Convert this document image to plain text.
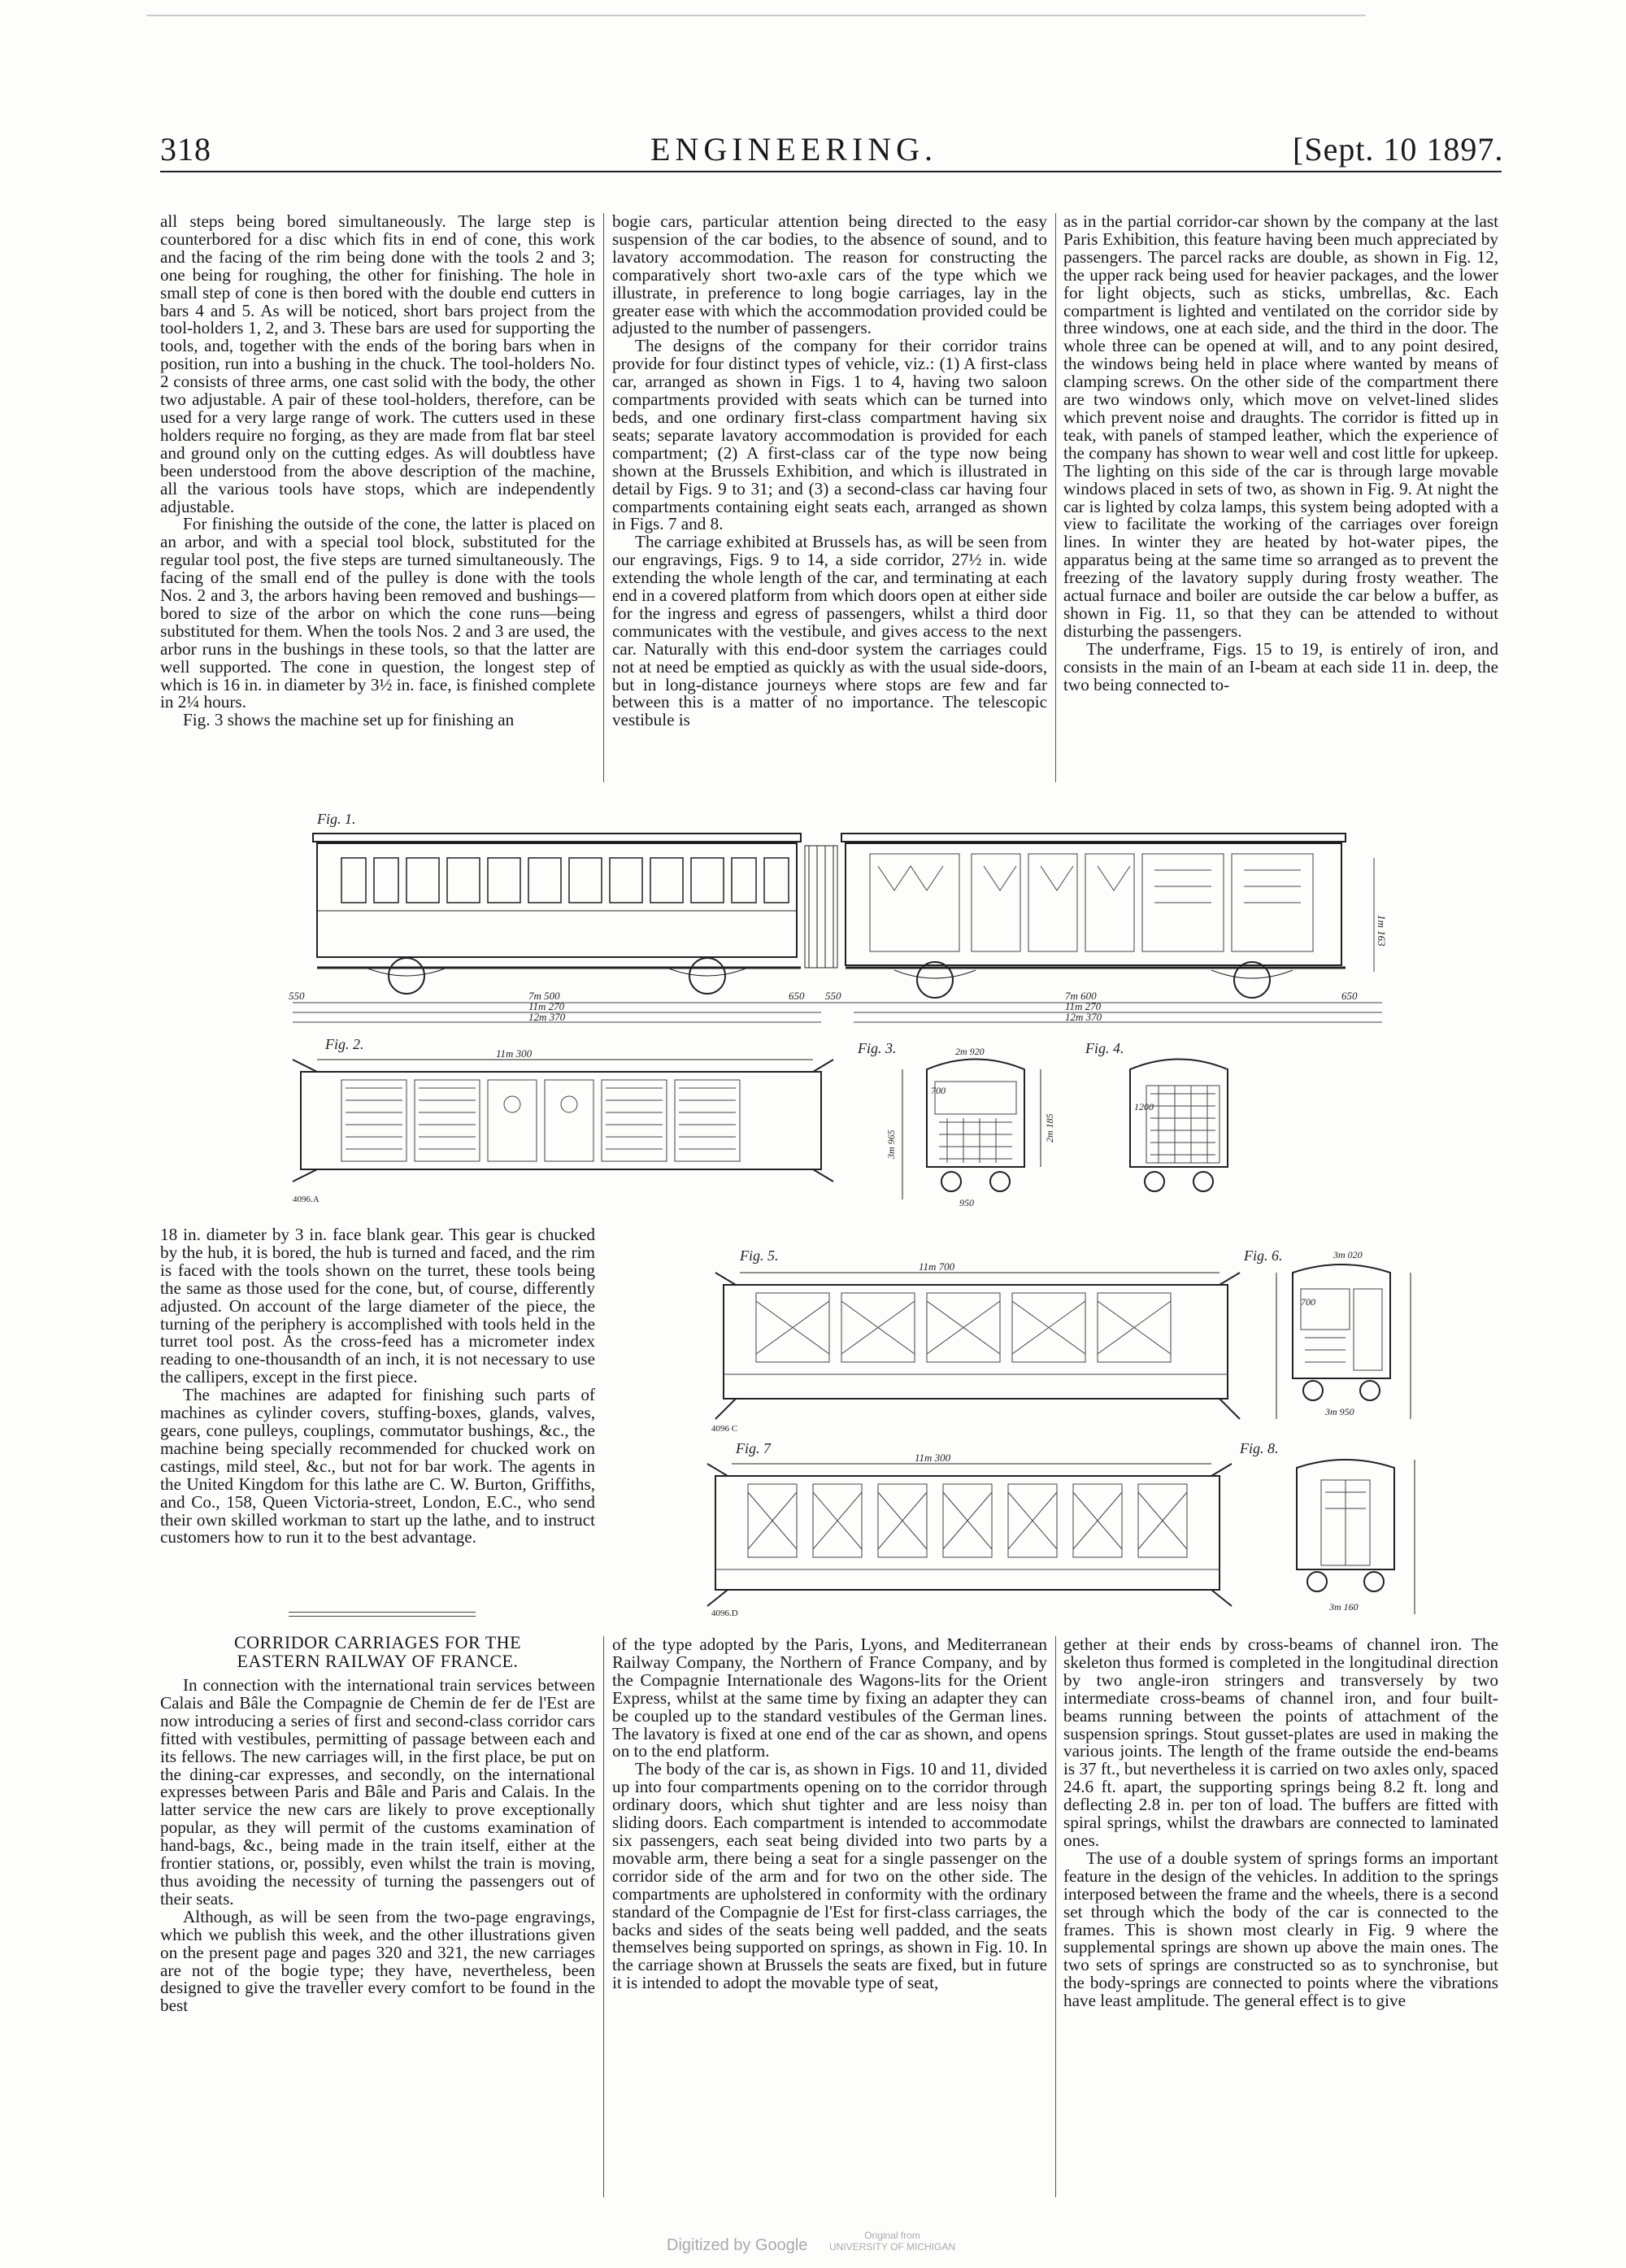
318	ENGINEERING.	[Sept. 10 1897.

all steps being bored simultaneously. The large step is counterbored for a disc which fits in end of cone, this work and the facing of the rim being done with the tools 2 and 3; one being for roughing, the other for finishing. The hole in small step of cone is then bored with the double end cutters in bars 4 and 5. As will be noticed, short bars project from the tool-holders 1, 2, and 3. These bars are used for supporting the tools, and, together with the ends of the boring bars when in position, run into a bushing in the chuck. The tool-holders No. 2 consists of three arms, one cast solid with the body, the other two adjustable. A pair of these tool-holders, therefore, can be used for a very large range of work. The cutters used in these holders require no forging, as they are made from flat bar steel and ground only on the cutting edges. As will doubtless have been understood from the above description of the machine, all the various tools have stops, which are independently adjustable.

For finishing the outside of the cone, the latter is placed on an arbor, and with a special tool block, substituted for the regular tool post, the five steps are turned simultaneously. The facing of the small end of the pulley is done with the tools Nos. 2 and 3, the arbors having been removed and bushings—bored to size of the arbor on which the cone runs—being substituted for them. When the tools Nos. 2 and 3 are used, the arbor runs in the bushings in these tools, so that the latter are well supported. The cone in question, the longest step of which is 16 in. in diameter by 3½ in. face, is finished complete in 2¼ hours.

Fig. 3 shows the machine set up for finishing an

bogie cars, particular attention being directed to the easy suspension of the car bodies, to the absence of sound, and to lavatory accommodation. The reason for constructing the comparatively short two-axle cars of the type which we illustrate, in preference to long bogie carriages, lay in the greater ease with which the accommodation provided could be adjusted to the number of passengers.

The designs of the company for their corridor trains provide for four distinct types of vehicle, viz.: (1) A first-class car, arranged as shown in Figs. 1 to 4, having two saloon compartments provided with seats which can be turned into beds, and one ordinary first-class compartment having six seats; separate lavatory accommodation is provided for each compartment; (2) A first-class car of the type now being shown at the Brussels Exhibition, and which is illustrated in detail by Figs. 9 to 31; and (3) a second-class car having four compartments containing eight seats each, arranged as shown in Figs. 7 and 8.

The carriage exhibited at Brussels has, as will be seen from our engravings, Figs. 9 to 14, a side corridor, 27½ in. wide extending the whole length of the car, and terminating at each end in a covered platform from which doors open at either side for the ingress and egress of passengers, whilst a third door communicates with the vestibule, and gives access to the next car. Naturally with this end-door system the carriages could not at need be emptied as quickly as with the usual side-doors, but in long-distance journeys where stops are few and far between this is a matter of no importance. The telescopic vestibule is

as in the partial corridor-car shown by the company at the last Paris Exhibition, this feature having been much appreciated by passengers. The parcel racks are double, as shown in Fig. 12, the upper rack being used for heavier packages, and the lower for light objects, such as sticks, umbrellas, &c. Each compartment is lighted and ventilated on the corridor side by three windows, one at each side, and the third in the door. The whole three can be opened at will, and to any point desired, the windows being held in place where wanted by means of clamping screws. On the other side of the compartment there are two windows only, which move on velvet-lined slides which prevent noise and draughts. The corridor is fitted up in teak, with panels of stamped leather, which the experience of the company has shown to wear well and cost little for upkeep. The lighting on this side of the car is through large movable windows placed in sets of two, as shown in Fig. 9. At night the car is lighted by colza lamps, this system being adopted with a view to facilitate the working of the carriages over foreign lines. In winter they are heated by hot-water pipes, the apparatus being at the same time so arranged as to prevent the freezing of the lavatory supply during frosty weather. The actual furnace and boiler are outside the car below a buffer, as shown in Fig. 11, so that they can be attended to without disturbing the passengers.

The underframe, Figs. 15 to 19, is entirely of iron, and consists in the main of an I-beam at each side 11 in. deep, the two being connected to-

Fig. 1.
7m 500
11m 270
12m 370
550	650 550	7m 600
11m 270
12m 370
650
1m 163
Fig. 2.
11m 300
4096.A
Fig. 3.	2m 920
3m 965
2m 185
700
950
Fig. 4.
1200

18 in. diameter by 3 in. face blank gear. This gear is chucked by the hub, it is bored, the hub is turned and faced, and the rim is faced with the tools shown on the turret, these tools being the same as those used for the cone, but, of course, differently adjusted. On account of the large diameter of the piece, the turning of the periphery is accomplished with tools held in the turret tool post. As the cross-feed has a micrometer index reading to one-thousandth of an inch, it is not necessary to use the callipers, except in the first piece.

The machines are adapted for finishing such parts of machines as cylinder covers, stuffing-boxes, glands, valves, gears, cone pulleys, couplings, commutator bushings, &c., the machine being specially recommended for chucked work on castings, mild steel, &c., but not for bar work. The agents in the United Kingdom for this lathe are C. W. Burton, Griffiths, and Co., 158, Queen Victoria-street, London, E.C., who send their own skilled workman to start up the lathe, and to instruct customers how to run it to the best advantage.

Fig. 5.
11m 700
4096 C
Fig. 6.	3m 020
700
3m 950
Fig. 7
11m 300
4096.D
Fig. 8.
3m 160
CORRIDOR CARRIAGES FOR THE
EASTERN RAILWAY OF FRANCE.

In connection with the international train services between Calais and Bâle the Compagnie de Chemin de fer de l'Est are now introducing a series of first and second-class corridor cars fitted with vestibules, permitting of passage between each and its fellows. The new carriages will, in the first place, be put on the dining-car expresses, and secondly, on the international expresses between Paris and Bâle and Paris and Calais. In the latter service the new cars are likely to prove exceptionally popular, as they will permit of the customs examination of hand-bags, &c., being made in the train itself, either at the frontier stations, or, possibly, even whilst the train is moving, thus avoiding the necessity of turning the passengers out of their seats.

Although, as will be seen from the two-page engravings, which we publish this week, and the other illustrations given on the present page and pages 320 and 321, the new carriages are not of the bogie type; they have, nevertheless, been designed to give the traveller every comfort to be found in the best

of the type adopted by the Paris, Lyons, and Mediterranean Railway Company, the Northern of France Company, and by the Compagnie Internationale des Wagons-lits for the Orient Express, whilst at the same time by fixing an adapter they can be coupled up to the standard vestibules of the German lines. The lavatory is fixed at one end of the car as shown, and opens on to the end platform.

The body of the car is, as shown in Figs. 10 and 11, divided up into four compartments opening on to the corridor through ordinary doors, which shut tighter and are less noisy than sliding doors. Each compartment is intended to accommodate six passengers, each seat being divided into two parts by a movable arm, there being a seat for a single passenger on the corridor side of the arm and for two on the other side. The compartments are upholstered in conformity with the ordinary standard of the Compagnie de l'Est for first-class carriages, the backs and sides of the seats being well padded, and the seats themselves being supported on springs, as shown in Fig. 10. In the carriage shown at Brussels the seats are fixed, but in future it is intended to adopt the movable type of seat,

gether at their ends by cross-beams of channel iron. The skeleton thus formed is completed in the longitudinal direction by two angle-iron stringers and transversely by two intermediate cross-beams of channel iron, and four built-beams running between the points of attachment of the suspension springs. Stout gusset-plates are used in making the various joints. The length of the frame outside the end-beams is 37 ft., but nevertheless it is carried on two axles only, spaced 24.6 ft. apart, the supporting springs being 8.2 ft. long and deflecting 2.8 in. per ton of load. The buffers are fitted with spiral springs, whilst the drawbars are connected to laminated ones.

The use of a double system of springs forms an important feature in the design of the vehicles. In addition to the springs interposed between the frame and the wheels, there is a second set through which the body of the car is connected to the frames. This is shown most clearly in Fig. 9 where the supplemental springs are shown up above the main ones. The two sets of springs are constructed so as to synchronise, but the body-springs are connected to points where the vibrations have least amplitude. The general effect is to give

Digitized by Google
Original from
UNIVERSITY OF MICHIGAN
